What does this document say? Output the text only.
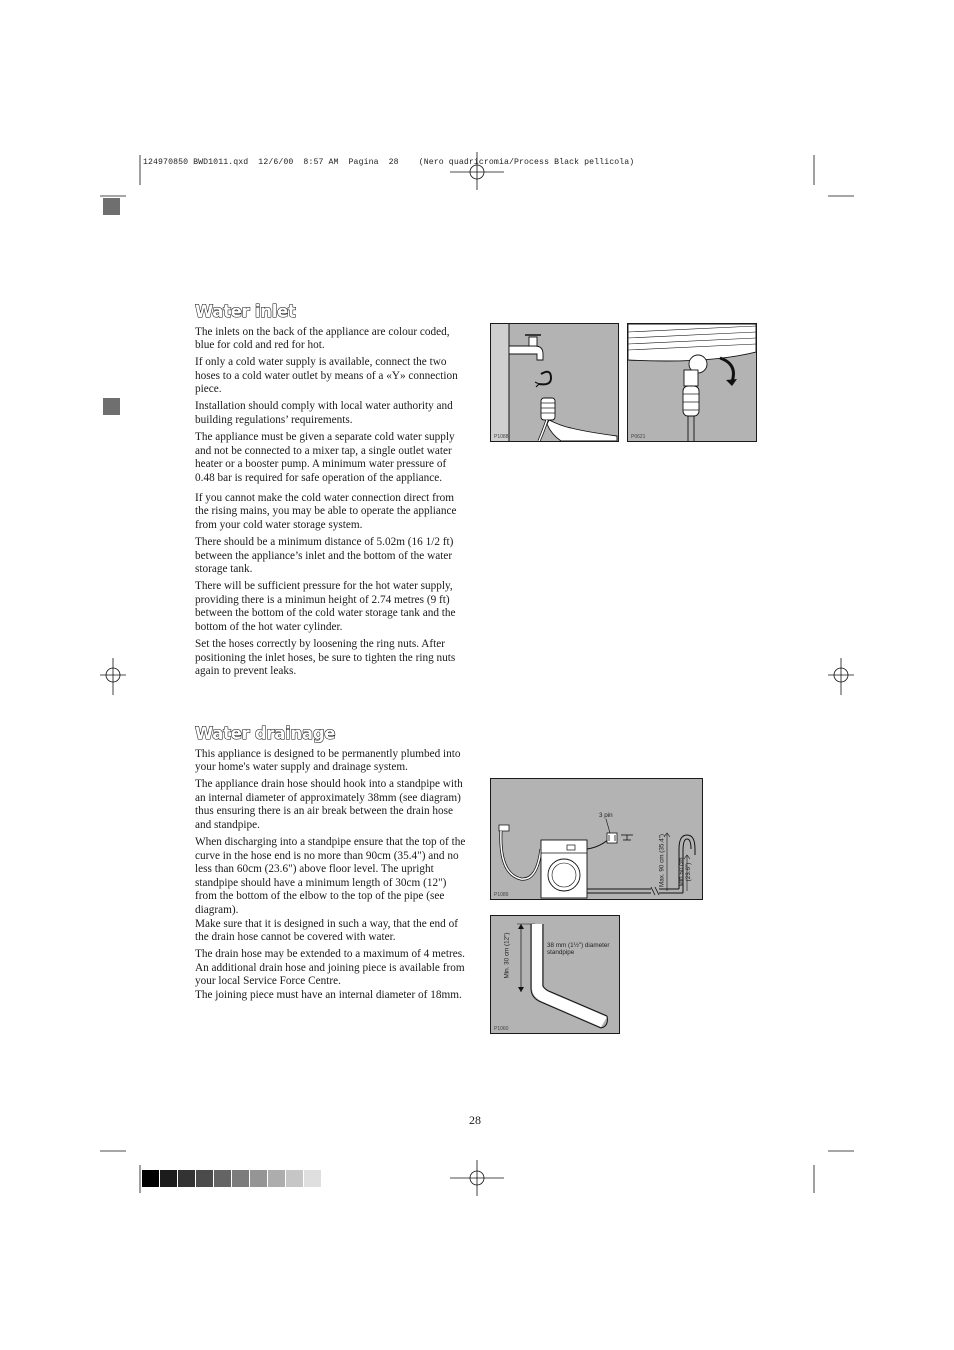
124970850 BWD1011.qxd  12/6/00  8:57 AM  Pagina  28    (Nero quadricromia/Process Black pellicola)
Water inlet

The inlets on the back of the appliance are colour coded, blue for cold and red for hot.

If only a cold water supply is available, connect the two hoses to a cold water outlet by means of a «Y» connection piece.

Installation should comply with local water authority and building regulations’ requirements.

The appliance must be given a separate cold water supply and not be connected to a mixer tap, a single outlet water heater or a booster pump. A minimum water pressure of 0.48 bar is required for safe operation of the appliance.

If you cannot make the cold water connection direct from the rising mains, you may be able to operate the appliance from your cold water storage system.

There should be a minimum distance of 5.02m (16 1/2 ft) between the appliance’s inlet and the bottom of the water storage tank.

There will be sufficient pressure for the hot water supply, providing there is a minimun height of 2.74 metres (9 ft) between the bottom of the cold water storage tank and the bottom of the hot water cylinder.

Set the hoses correctly by loosening the ring nuts. After positioning the inlet hoses, be sure to tighten the ring nuts again to prevent leaks.

Water drainage

This appliance is designed to be permanently plumbed into your home's water supply and drainage system.

The appliance drain hose should hook into a standpipe with an internal diameter of approximately 38mm (see diagram) thus ensuring there is an air break between the drain hose and standpipe.

When discharging into a standpipe ensure that the top of the curve in the hose end is no more than 90cm (35.4") and no less than 60cm (23.6") above floor level. The upright standpipe should have a minimum length of 30cm (12") from the bottom of the elbow to the top of the pipe (see diagram).
Make sure that it is designed in such a way, that the end of the drain hose cannot be covered with water.

The drain hose may be extended to a maximum of 4 metres. An additional drain hose and joining piece is available from your local Service Force Centre.
The joining piece must have an internal diameter of 18mm.

P1088	P0621
3 pin
Max. 90 cm (35.4") Min.60 cm (23.6")
P1089
Min. 30 cm (12")	38 mm (1½") diameter standpipe
P1060
28
